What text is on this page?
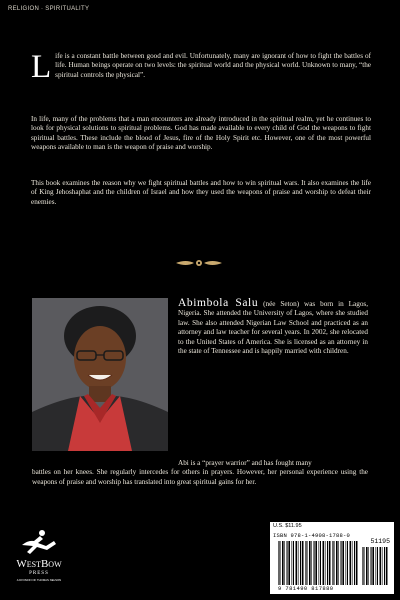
RELIGION · SPIRITUALITY

Life is a constant battle between good and evil. Unfortunately, many are ignorant of how to fight the battles of life. Human beings operate on two levels: the spiritual world and the physical world. Unknown to many, “the spiritual controls the physical”.

In life, many of the problems that a man encounters are already introduced in the spiritual realm, yet he continues to look for physical solutions to spiritual problems. God has made available to every child of God the weapons to fight spiritual battles. These include the blood of Jesus, fire of the Holy Spirit etc. However, one of the most powerful weapons available to man is the weapon of praise and worship.

This book examines the reason why we fight spiritual battles and how to win spiritual wars. It also examines the life of King Jehoshaphat and the children of Israel and how they used the weapons of praise and worship to defeat their enemies.

Abimbola Salu (née Seton) was born in Lagos, Nigeria. She attended the University of Lagos, where she studied law. She also attended Nigerian Law School and practiced as an attorney and law teacher for several years. In 2002, she relocated to the United States of America. She is licensed as an attorney in the state of Tennessee and is happily married with children.

Abi is a “prayer warrior” and has fought many
battles on her knees. She regularly intercedes for others in prayers. However, her personal experience using the weapons of praise and worship has translated into great spiritual gains for her.

WestBow
PRESS
A DIVISION OF THOMAS NELSON
U.S. $11.95
ISBN 978-1-4908-1788-0
51195
9 781490 817880
